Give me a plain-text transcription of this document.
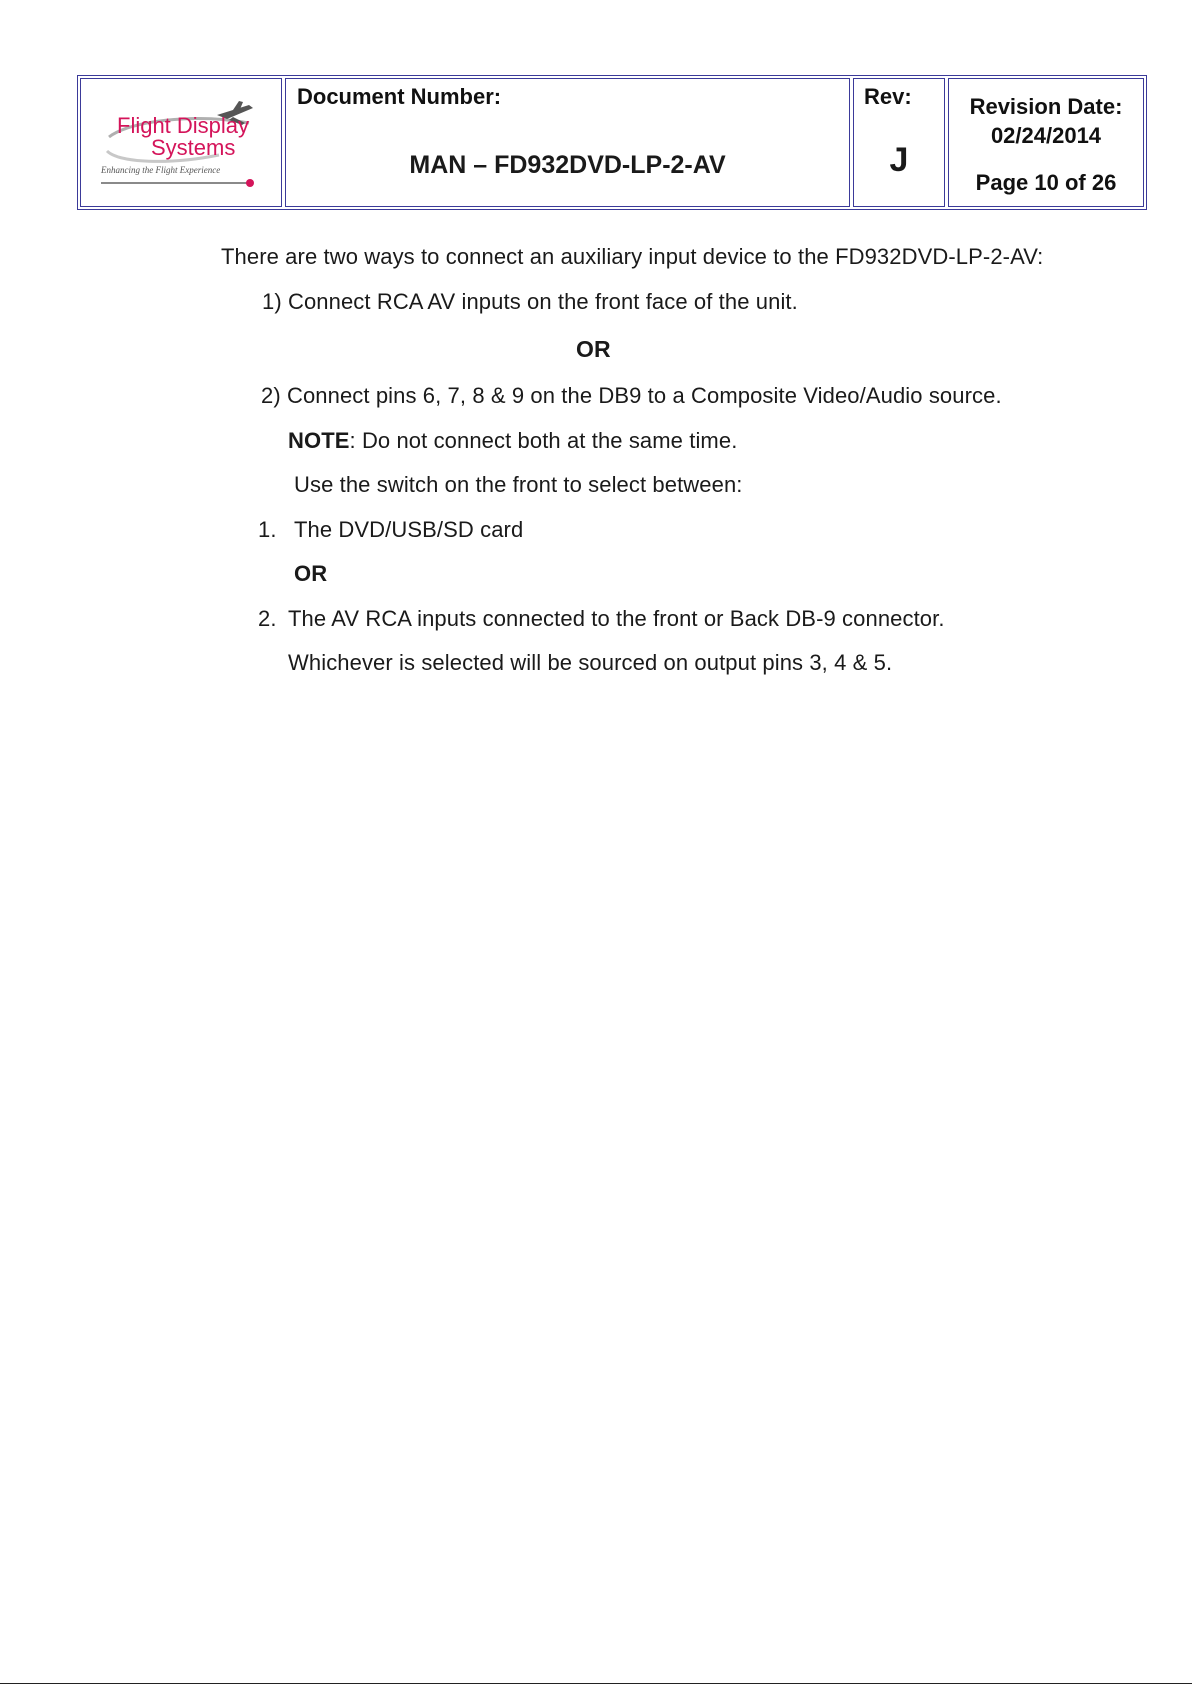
Flight Display
Systems
Enhancing the Flight Experience
Document Number:
MAN – FD932DVD-LP-2-AV
Rev:
J
Revision Date:
02/24/2014
Page 10 of 26
There are two ways to connect an auxiliary input device to the FD932DVD-LP-2-AV:
1) Connect RCA AV inputs on the front face of the unit.
OR
2) Connect pins 6, 7, 8 & 9 on the DB9 to a Composite Video/Audio source.
NOTE: Do not connect both at the same time.
Use the switch on the front to select between:
1. The DVD/USB/SD card
OR
2. The AV RCA inputs connected to the front or Back DB-9 connector.
Whichever is selected will be sourced on output pins 3, 4 & 5.
